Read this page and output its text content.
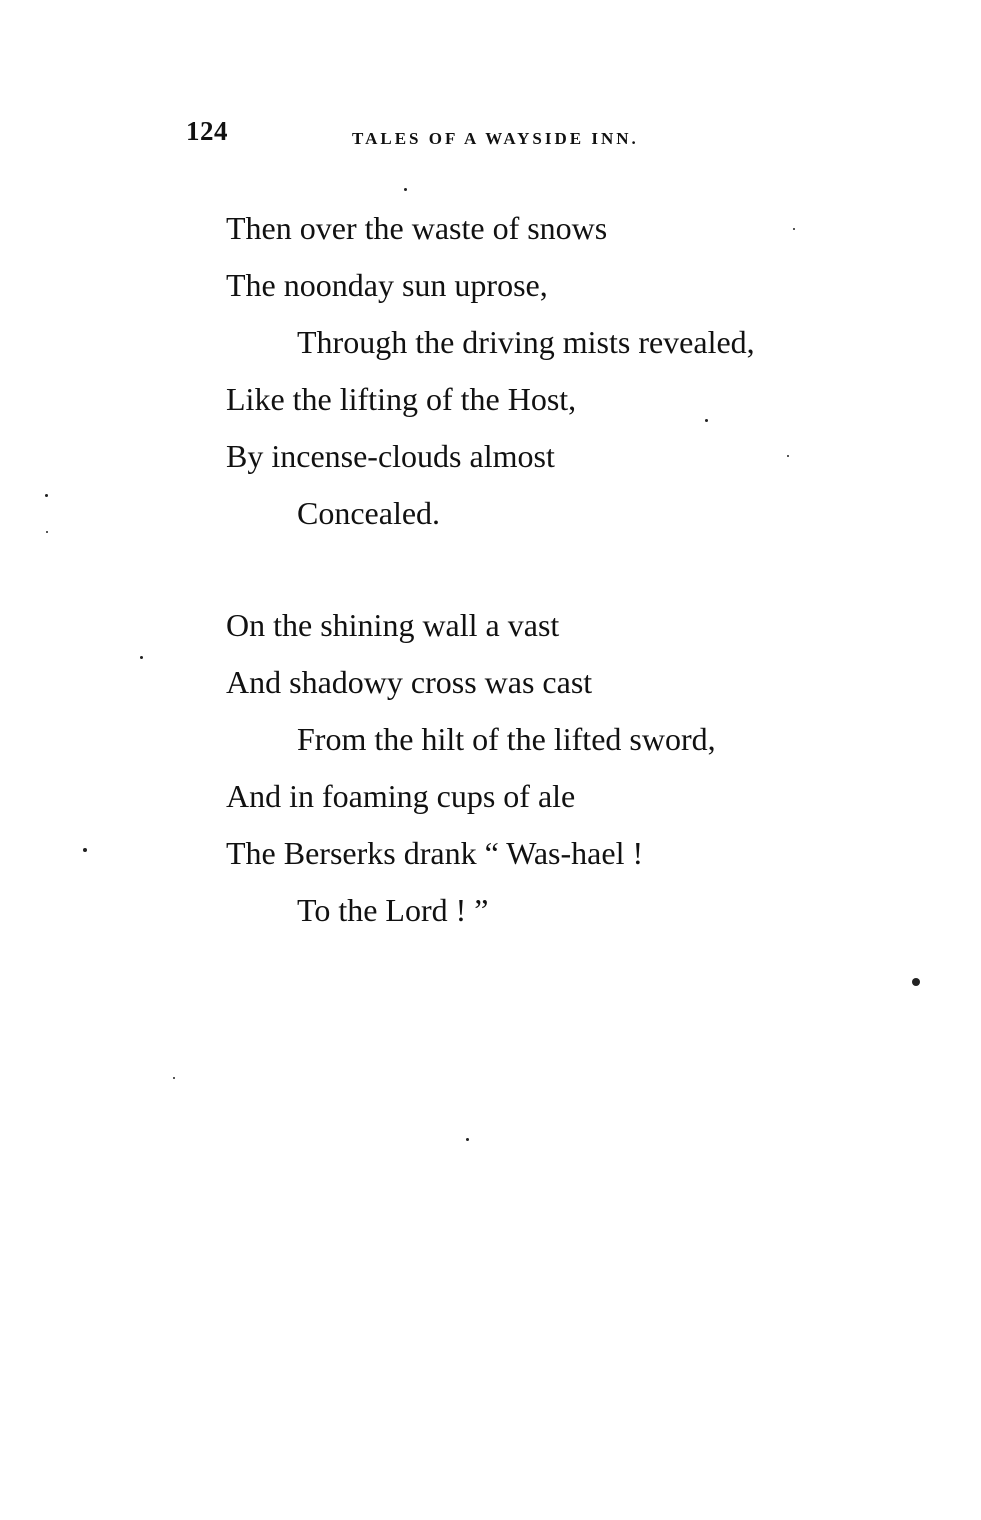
124	TALES OF A WAYSIDE INN.
Then over the waste of snows
The noonday sun uprose,
Through the driving mists revealed,
Like the lifting of the Host,
By incense-clouds almost
Concealed.
On the shining wall a vast
And shadowy cross was cast
From the hilt of the lifted sword,
And in foaming cups of ale
The Berserks drank “ Was-hael !
To the Lord ! ”
